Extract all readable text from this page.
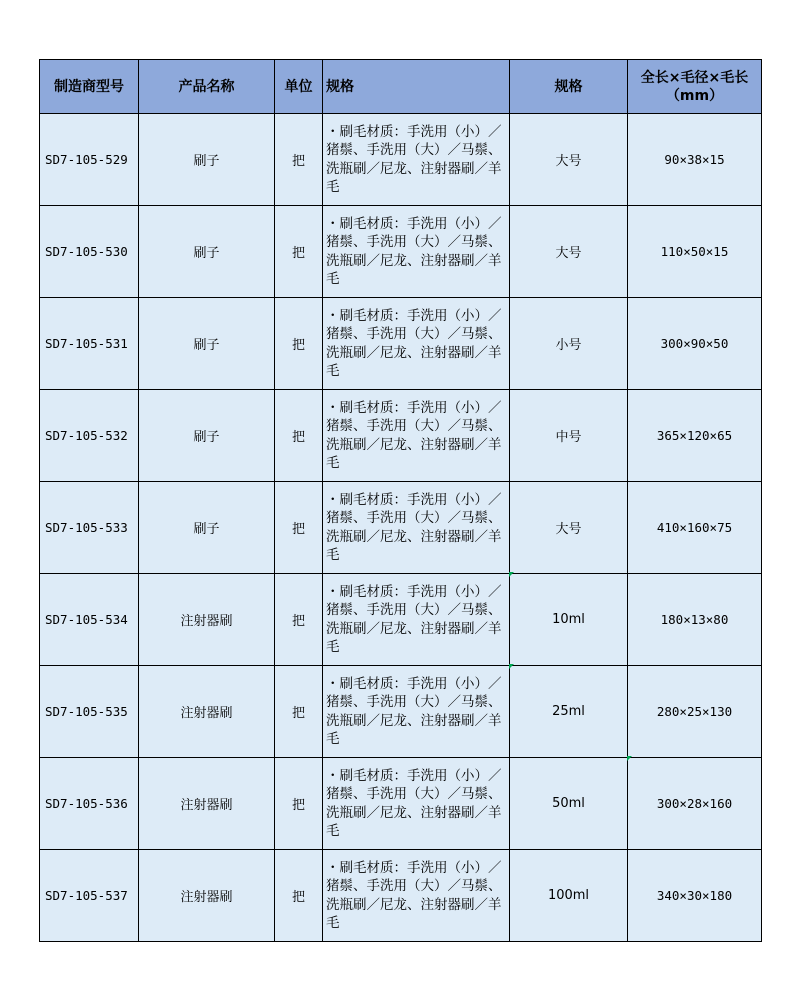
制造商型号	产品名称	单位	规格	规格	全长×毛径×毛长
（mm）

SD7-105-529	刷子	把	・刷毛材质：手洗用（小）／猪鬃、手洗用（大）／马鬃、洗瓶刷／尼龙、注射器刷／羊毛	大号	90×38×15
SD7-105-530	刷子	把	・刷毛材质：手洗用（小）／猪鬃、手洗用（大）／马鬃、洗瓶刷／尼龙、注射器刷／羊毛	大号	110×50×15
SD7-105-531	刷子	把	・刷毛材质：手洗用（小）／猪鬃、手洗用（大）／马鬃、洗瓶刷／尼龙、注射器刷／羊毛	小号	300×90×50
SD7-105-532	刷子	把	・刷毛材质：手洗用（小）／猪鬃、手洗用（大）／马鬃、洗瓶刷／尼龙、注射器刷／羊毛	中号	365×120×65
SD7-105-533	刷子	把	・刷毛材质：手洗用（小）／猪鬃、手洗用（大）／马鬃、洗瓶刷／尼龙、注射器刷／羊毛	大号	410×160×75
SD7-105-534	注射器刷	把	・刷毛材质：手洗用（小）／猪鬃、手洗用（大）／马鬃、洗瓶刷／尼龙、注射器刷／羊毛	10ml	180×13×80
SD7-105-535	注射器刷	把	・刷毛材质：手洗用（小）／猪鬃、手洗用（大）／马鬃、洗瓶刷／尼龙、注射器刷／羊毛	25ml	280×25×130
SD7-105-536	注射器刷	把	・刷毛材质：手洗用（小）／猪鬃、手洗用（大）／马鬃、洗瓶刷／尼龙、注射器刷／羊毛	50ml	300×28×160
SD7-105-537	注射器刷	把	・刷毛材质：手洗用（小）／猪鬃、手洗用（大）／马鬃、洗瓶刷／尼龙、注射器刷／羊毛	100ml	340×30×180
